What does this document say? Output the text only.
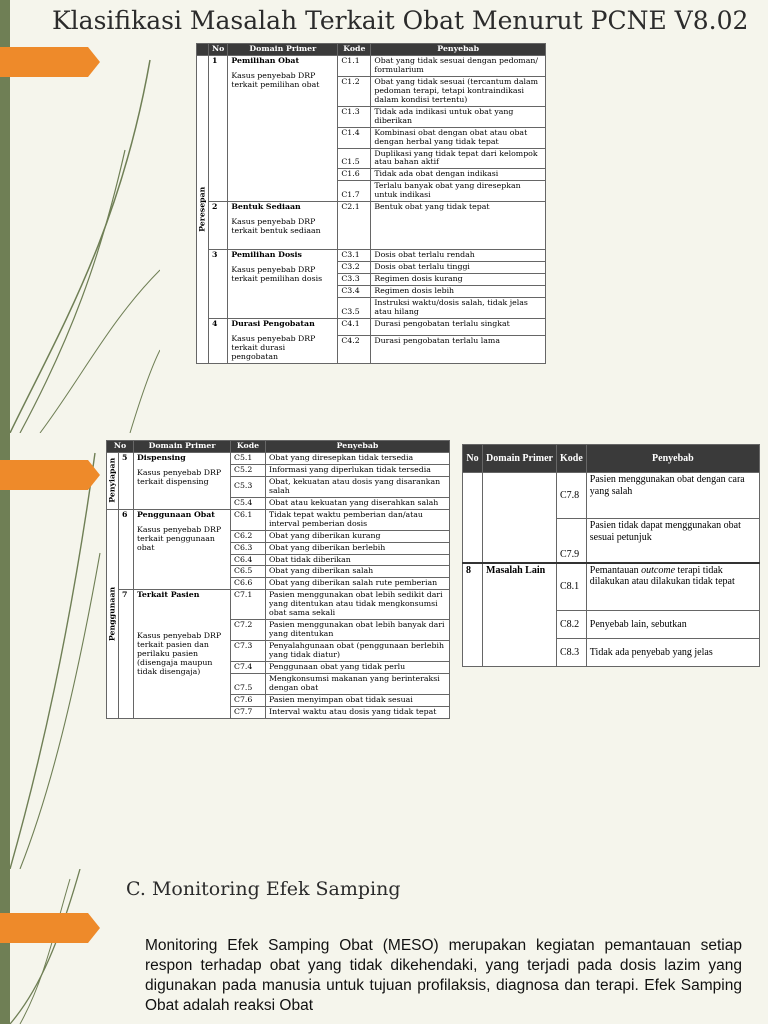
Klasifikasi Masalah Terkait Obat Menurut PCNE V8.02
	No	Domain Primer	Kode	Penyebab
Peresepan	1	Pemilihan Obat
Kasus penyebab DRP terkait pemilihan obat	C1.1	Obat yang tidak sesuai dengan pedoman/ formularium
			C1.2	Obat yang tidak sesuai (tercantum dalam pedoman terapi, tetapi kontraindikasi dalam kondisi tertentu)
			C1.3	Tidak ada indikasi untuk obat yang diberikan
			C1.4	Kombinasi obat dengan obat atau obat dengan herbal yang tidak tepat
			C1.5	Duplikasi yang tidak tepat dari kelompok atau bahan aktif
			C1.6	Tidak ada obat dengan indikasi
			C1.7	Terlalu banyak obat yang diresepkan untuk indikasi
	2	Bentuk Sediaan
Kasus penyebab DRP terkait bentuk sediaan	C2.1	Bentuk obat yang tidak tepat
	3	Pemilihan Dosis
Kasus penyebab DRP terkait pemilihan dosis	C3.1	Dosis obat terlalu rendah
			C3.2	Dosis obat terlalu tinggi
			C3.3	Regimen dosis kurang
			C3.4	Regimen dosis lebih
			C3.5	Instruksi waktu/dosis salah, tidak jelas atau hilang
	4	Durasi Pengobatan
Kasus penyebab DRP terkait durasi pengobatan	C4.1	Durasi pengobatan terlalu singkat
			C4.2	Durasi pengobatan terlalu lama
No		Domain Primer	Kode	Penyebab
Penyiapan	5	Dispensing
Kasus penyebab DRP terkait dispensing	C5.1	Obat yang diresepkan tidak tersedia
			C5.2	Informasi yang diperlukan tidak tersedia
			C5.3	Obat, kekuatan atau dosis yang disarankan salah
			C5.4	Obat atau kekuatan yang diserahkan salah
Penggunaan	6	Penggunaan Obat
Kasus penyebab DRP terkait penggunaan obat	C6.1	Tidak tepat waktu pemberian dan/atau interval pemberian dosis
			C6.2	Obat yang diberikan kurang
			C6.3	Obat yang diberikan berlebih
			C6.4	Obat tidak diberikan
			C6.5	Obat yang diberikan salah
			C6.6	Obat yang diberikan salah rute pemberian
	7	Terkait Pasien
Kasus penyebab DRP terkait pasien dan perilaku pasien (disengaja maupun tidak disengaja)	C7.1	Pasien menggunakan obat lebih sedikit dari yang ditentukan atau tidak mengkonsumsi obat sama sekali
			C7.2	Pasien menggunakan obat lebih banyak dari yang ditentukan
			C7.3	Penyalahgunaan obat (penggunaan berlebih yang tidak diatur)
			C7.4	Penggunaan obat yang tidak perlu
			C7.5	Mengkonsumsi makanan yang berinteraksi dengan obat
			C7.6	Pasien menyimpan obat tidak sesuai
			C7.7	Interval waktu atau dosis yang tidak tepat
No	Domain Primer	Kode	Penyebab
		C7.8	Pasien menggunakan obat dengan cara yang salah
		C7.9	Pasien tidak dapat menggunakan obat sesuai petunjuk
8	Masalah Lain	C8.1	Pemantauan outcome terapi tidak dilakukan atau dilakukan tidak tepat
		C8.2	Penyebab lain, sebutkan
		C8.3	Tidak ada penyebab yang jelas
C. Monitoring Efek Samping
Monitoring Efek Samping Obat (MESO) merupakan kegiatan pemantauan setiap respon terhadap obat yang tidak dikehendaki, yang terjadi pada dosis lazim yang digunakan pada manusia untuk tujuan profilaksis, diagnosa dan terapi. Efek Samping Obat adalah reaksi Obat
